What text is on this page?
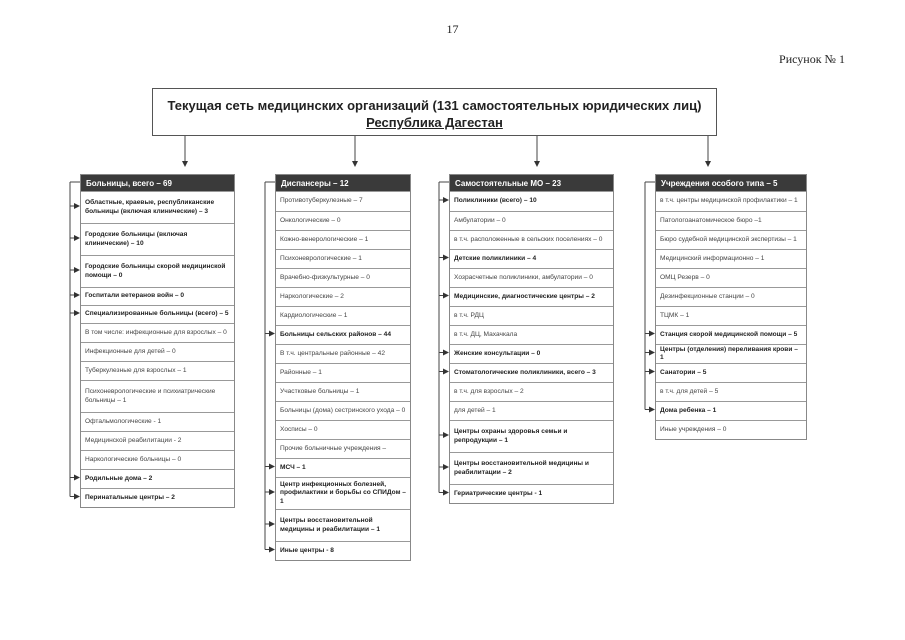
17
Рисунок № 1
Текущая сеть медицинских организаций (131 самостоятельных юридических лиц)
Республика Дагестан
Больницы, всего – 69
Областные, краевые, республиканские больницы (включая клинические) – 3
Городские больницы (включая клинические) – 10
Городские больницы скорой медицинской помощи – 0
Госпитали ветеранов войн – 0
Специализированные больницы (всего) – 5
В том числе: инфекционные для взрослых – 0
Инфекционные для детей – 0
Туберкулезные для взрослых – 1
Психоневрологические и психиатрические больницы – 1
Офтальмологические - 1
Медицинской реабилитации - 2
Наркологические больницы – 0
Родильные дома – 2
Перинатальные центры – 2
Диспансеры – 12
Противотуберкулезные – 7
Онкологические – 0
Кожно-венерологические – 1
Психоневрологические – 1
Врачебно-физкультурные – 0
Наркологические – 2
Кардиологические – 1
Больницы сельских районов – 44
В т.ч. центральные районные – 42
Районные – 1
Участковые больницы – 1
Больницы (дома) сестринского ухода – 0
Хосписы – 0
Прочие больничные учреждения –
МСЧ – 1
Центр инфекционных болезней, профилактики и борьбы со СПИДом – 1
Центры восстановительной медицины и реабилитации – 1
Иные центры - 8
Самостоятельные МО – 23
Поликлиники (всего) – 10
Амбулатории – 0
в т.ч. расположенные в сельских поселениях – 0
Детские поликлиники – 4
Хозрасчетные поликлиники, амбулатории – 0
Медицинские, диагностические центры – 2
в т.ч. РДЦ
в т.ч. ДЦ, Махачкала
Женские консультации – 0
Стоматологические поликлиники, всего – 3
в т.ч. для взрослых – 2
для детей – 1
Центры охраны здоровья семьи и репродукции – 1
Центры восстановительной медицины и реабилитации – 2
Гериатрические центры - 1
Учреждения особого типа – 5
в т.ч. центры медицинской профилактики – 1
Патологоанатомическое бюро –1
Бюро судебной медицинской экспертизы – 1
Медицинский информационно – 1
ОМЦ Резерв – 0
Дезинфекционные станции – 0
ТЦМК – 1
Станция скорой медицинской помощи – 5
Центры (отделения) переливания крови – 1
Санатории – 5
в т.ч. для детей – 5
Дома ребенка – 1
Иные учреждения – 0
